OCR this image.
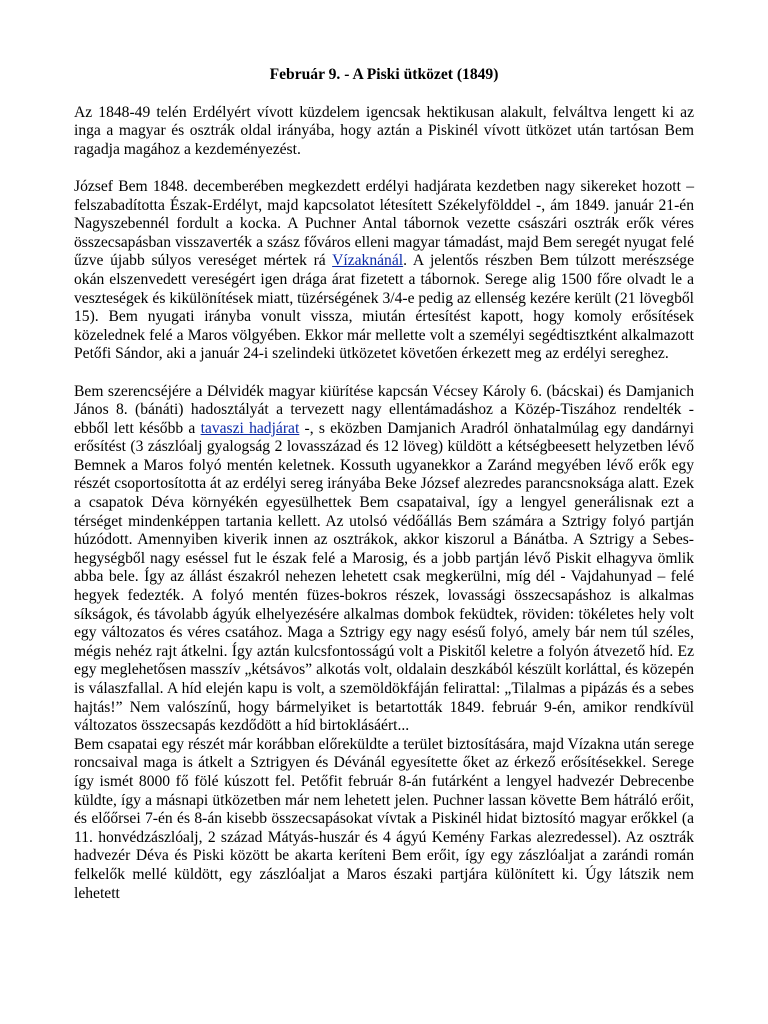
Február 9. - A Piski ütközet (1849)

Az 1848-49 telén Erdélyért vívott küzdelem igencsak hektikusan alakult, felváltva lengett ki az inga a magyar és osztrák oldal irányába, hogy aztán a Piskinél vívott ütközet után tartósan Bem ragadja magához a kezdeményezést.

József Bem 1848. decemberében megkezdett erdélyi hadjárata kezdetben nagy sikereket hozott – felszabadította Észak-Erdélyt, majd kapcsolatot létesített Székelyfölddel -, ám 1849. január 21-én Nagyszebennél fordult a kocka. A Puchner Antal tábornok vezette császári osztrák erők véres összecsapásban visszaverték a szász főváros elleni magyar támadást, majd Bem seregét nyugat felé űzve újabb súlyos vereséget mértek rá Vízaknánál. A jelentős részben Bem túlzott merészsége okán elszenvedett vereségért igen drága árat fizetett a tábornok. Serege alig 1500 főre olvadt le a veszteségek és kikülönítések miatt, tüzérségének 3/4-e pedig az ellenség kezére került (21 lövegből 15). Bem nyugati irányba vonult vissza, miután értesítést kapott, hogy komoly erősítések közelednek felé a Maros völgyében. Ekkor már mellette volt a személyi segédtisztként alkalmazott Petőfi Sándor, aki a január 24-i szelindeki ütközetet követően érkezett meg az erdélyi sereghez.

Bem szerencséjére a Délvidék magyar kiürítése kapcsán Vécsey Károly 6. (bácskai) és Damjanich János 8. (bánáti) hadosztályát a tervezett nagy ellentámadáshoz a Közép-Tiszához rendelték - ebből lett később a tavaszi hadjárat -, s eközben Damjanich Aradról önhatalmúlag egy dandárnyi erősítést (3 zászlóalj gyalogság 2 lovasszázad és 12 löveg) küldött a kétségbeesett helyzetben lévő Bemnek a Maros folyó mentén keletnek. Kossuth ugyanekkor a Zaránd megyében lévő erők egy részét csoportosította át az erdélyi sereg irányába Beke József alezredes parancsnoksága alatt. Ezek a csapatok Déva környékén egyesülhettek Bem csapataival, így a lengyel generálisnak ezt a térséget mindenképpen tartania kellett. Az utolsó védőállás Bem számára a Sztrigy folyó partján húzódott. Amennyiben kiverik innen az osztrákok, akkor kiszorul a Bánátba. A Sztrigy a Sebes-hegységből nagy eséssel fut le észak felé a Marosig, és a jobb partján lévő Piskit elhagyva ömlik abba bele. Így az állást északról nehezen lehetett csak megkerülni, míg dél - Vajdahunyad – felé hegyek fedezték. A folyó mentén füzes-bokros részek, lovassági összecsapáshoz is alkalmas síkságok, és távolabb ágyúk elhelyezésére alkalmas dombok feküdtek, röviden: tökéletes hely volt egy változatos és véres csatához. Maga a Sztrigy egy nagy esésű folyó, amely bár nem túl széles, mégis nehéz rajt átkelni. Így aztán kulcsfontosságú volt a Piskitől keletre a folyón átvezető híd. Ez egy meglehetősen masszív „kétsávos” alkotás volt, oldalain deszkából készült korláttal, és közepén is válaszfallal. A híd elején kapu is volt, a szemöldökfáján felirattal: „Tilalmas a pipázás és a sebes hajtás!” Nem valószínű, hogy bármelyiket is betartották 1849. február 9-én, amikor rendkívül változatos összecsapás kezdődött a híd birtoklásáért...

Bem csapatai egy részét már korábban előreküldte a terület biztosítására, majd Vízakna után serege roncsaival maga is átkelt a Sztrigyen és Dévánál egyesítette őket az érkező erősítésekkel. Serege így ismét 8000 fő fölé kúszott fel. Petőfit február 8-án futárként a lengyel hadvezér Debrecenbe küldte, így a másnapi ütközetben már nem lehetett jelen. Puchner lassan követte Bem hátráló erőit, és előőrsei 7-én és 8-án kisebb összecsapásokat vívtak a Piskinél hidat biztosító magyar erőkkel (a 11. honvédzászlóalj, 2 század Mátyás-huszár és 4 ágyú Kemény Farkas alezredessel). Az osztrák hadvezér Déva és Piski között be akarta keríteni Bem erőit, így egy zászlóaljat a zarándi román felkelők mellé küldött, egy zászlóaljat a Maros északi partjára különített ki. Úgy látszik nem lehetett
